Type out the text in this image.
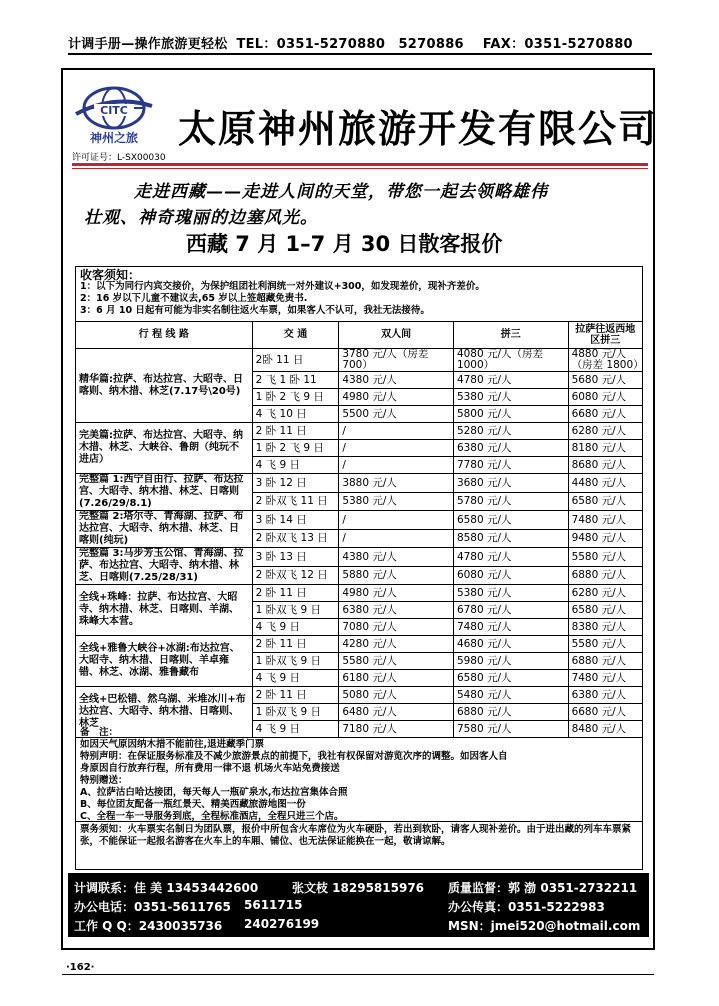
计调手册—操作旅游更轻松 TEL：0351-5270880　5270886 FAX：0351-5270880
CITC
神州之旅
许可证号：L-SX00030
太原神州旅游开发有限公司
走进西藏——走进人间的天堂，带您一起去领略雄伟
壮观、神奇瑰丽的边塞风光。
西藏 7 月 1–7 月 30 日散客报价
收客须知：
1：以下为同行内宾交接价，为保护组团社利润统一对外建议+300，如发现差价，现补齐差价。
2：16 岁以下儿童不建议去,65 岁以上签超藏免责书.
3：6 月 10 日起有可能为非实名制往返火车票，如果客人不认可，我社无法接待。
行 程 线 路	交 通	双人间	拼三	拉萨往返西地区拼三
精华篇:拉萨、布达拉宫、大昭寺、日喀则、纳木措、林芝(7.17号\20号)	2卧 11 日	3780 元/人（房差 700）	4080 元/人（房差 1000）	4880 元/人（房差 1800）
	2 飞 1 卧 11	4380 元/人	4780 元/人	5680 元/人
	1 卧 2 飞 9 日	4980 元/人	5380 元/人	6080 元/人
	4 飞 10 日	5500 元/人	5800 元/人	6680 元/人
完美篇:拉萨、布达拉宫、大昭寺、纳木措、林芝、大峡谷、鲁朗（纯玩不进店）	2 卧 11 日	/	5280 元/人	6280 元/人
	1 卧 2 飞 9 日	/	6380 元/人	8180 元/人
	4 飞 9 日	/	7780 元/人	8680 元/人
完整篇 1:西宁自由行、拉萨、布达拉宫、大昭寺、纳木措、林芝、日喀则(7.26/29/8.1)	3 卧 12 日	3880 元/人	3680 元/人	4480 元/人
	2 卧双飞 11 日	5380 元/人	5780 元/人	6580 元/人
完整篇 2:塔尔寺、青海湖、拉萨、布达拉宫、大昭寺、纳木措、林芝、日喀则(纯玩)	3 卧 14 日	/	6580 元/人	7480 元/人
	2 卧双飞 13 日	/	8580 元/人	9480 元/人
完整篇 3:马步芳玉公馆、青海湖、拉萨、布达拉宫、大昭寺、纳木措、林芝、日喀则(7.25/28/31)	3 卧 13 日	4380 元/人	4780 元/人	5580 元/人
	2 卧双飞 12 日	5880 元/人	6080 元/人	6880 元/人
全线+珠峰：拉萨、布达拉宫、大昭寺、纳木措、林芝、日喀则、羊湖、珠峰大本营。	2 卧 11 日	4980 元/人	5380 元/人	6280 元/人
	1 卧双飞 9 日	6380 元/人	6780 元/人	6580 元/人
	4 飞 9 日	7080 元/人	7480 元/人	8380 元/人
全线+雅鲁大峡谷+冰湖:布达拉宫、大昭寺、纳木措、日喀则、羊卓雍错、林芝、冰湖、雅鲁藏布	2 卧 11 日	4280 元/人	4680 元/人	5580 元/人
	1 卧双飞 9 日	5580 元/人	5980 元/人	6880 元/人
	4 飞 9 日	6180 元/人	6580 元/人	7480 元/人
全线+巴松错、然乌湖、米堆冰川+布达拉宫、大昭寺、纳木措、日喀则、林芝	2 卧 11 日	5080 元/人	5480 元/人	6380 元/人
	1 卧双飞 9 日	6480 元/人	6880 元/人	6680 元/人
	4 飞 9 日	7180 元/人	7580 元/人	8480 元/人
备　注：
如因天气原因纳木措不能前往,退进藏季门票
特别声明：在保证服务标准及不减少旅游景点的前提下，我社有权保留对游览次序的调整。如因客人自
身原因自行放弃行程，所有费用一律不退 机场火车站免费接送
特别赠送：
A、拉萨沽白哈达接团，每天每人一瓶矿泉水,布达拉宫集体合照
B、每位团友配备一瓶红景天、精美西藏旅游地图一份
C、全程一车一导服务到底，全程标准酒店，全程只进三个店。
票务须知：火车票实名制日为团队票，报价中所包含火车席位为火车硬卧，若出到软卧，请客人现补差价。由于进出藏的列车车票紧张，不能保证一起报名游客在火车上的车厢、铺位、也无法保证能换在一起，敬请谅解。
计调联系：佳 美 13453442600	张文枝 18295815976 质量监督：郭 渤 0351-2732211
办公电话：0351-5611765 5611715	办公传真：0351-5222983
工作 Q Q：2430035736 240276199	MSN：jmei520@hotmail.com
·162·
